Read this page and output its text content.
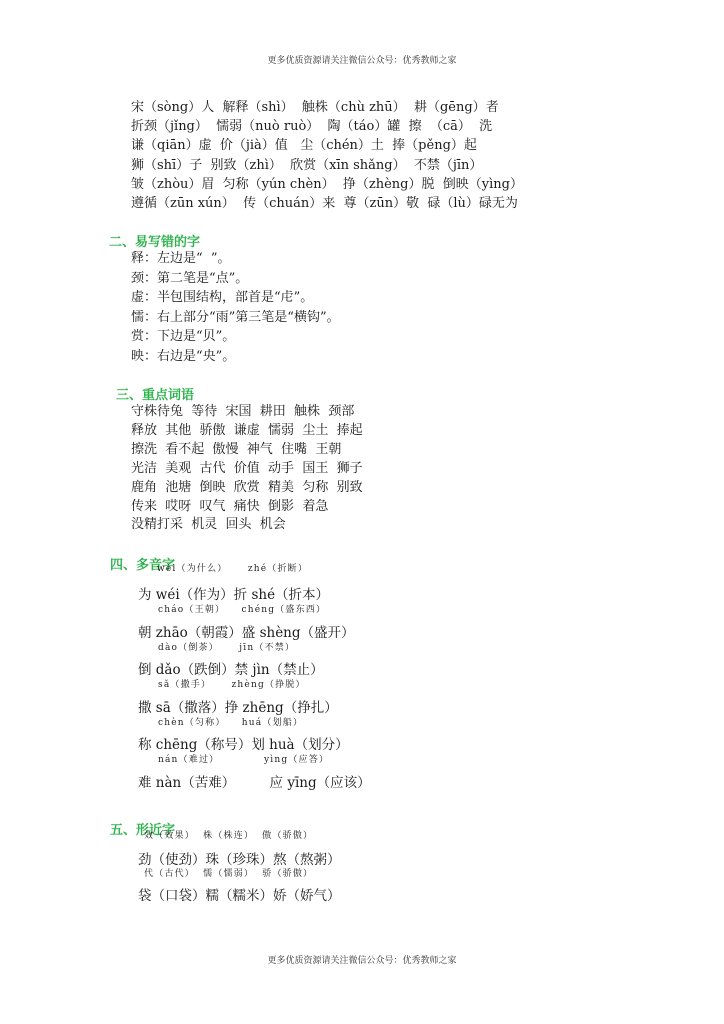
更多优质资源请关注微信公众号：优秀教师之家
宋（sòng）人  解释（shì）  触株（chù zhū）  耕（gēng）者
折颈（jǐng）  懦弱（nuò ruò）  陶（táo）罐  擦  （cā）  洗
谦（qiān）虚  价（jià）值   尘（chén）土  捧（pěng）起
狮（shī）子  别致（zhì）  欣赏（xīn shǎng）  不禁（jīn）
皱（zhòu）眉  匀称（yún chèn）  挣（zhèng）脱  倒映（yìng）
遵循（zūn xún）  传（chuán）来  尊（zūn）敬  碌（lù）碌无为
二、易写错的字
释：左边是“  ”。
颈：第二笔是“点”。
虚：半包围结构，部首是“虍”。
懦：右上部分“雨”第三笔是“横钩”。
赏：下边是“贝”。
映：右边是“央”。
三、重点词语
守株待兔  等待  宋国  耕田  触株  颈部
释放  其他  骄傲  谦虚  懦弱  尘土  捧起
擦洗  看不起  傲慢  神气  住嘴  王朝
光洁  美观  古代  价值  动手  国王  狮子
鹿角  池塘  倒映  欣赏  精美  匀称  别致
传来  哎呀  叹气  痛快  倒影  着急
没精打采  机灵  回头  机会
四、多音字
wèi（为什么）     zhé（折断）
为 wéi（作为）折 shé（折本）
cháo（王朝）    chéng（盛东西）
朝 zhāo（朝霞）盛 shèng（盛开）
dào（倒茶）     jīn（不禁）
倒 dǎo（跌倒）禁 jìn（禁止）
sǎ（撒手）     zhèng（挣脱）
撒 sā（撒落）挣 zhēng（挣扎）
chèn（匀称）    huá（划船）
称 chēng（称号）划 huà（划分）
nán（难过）           yìng（应答）
难 nàn（苦难）        应 yīng（应该）
五、形近字
效（效果）  株（株连）  傲（骄傲）
劲（使劲）珠（珍珠）熬（熬粥）
代（古代）  懦（懦弱）  骄（骄傲）
袋（口袋）糯（糯米）娇（娇气）
更多优质资源请关注微信公众号：优秀教师之家
